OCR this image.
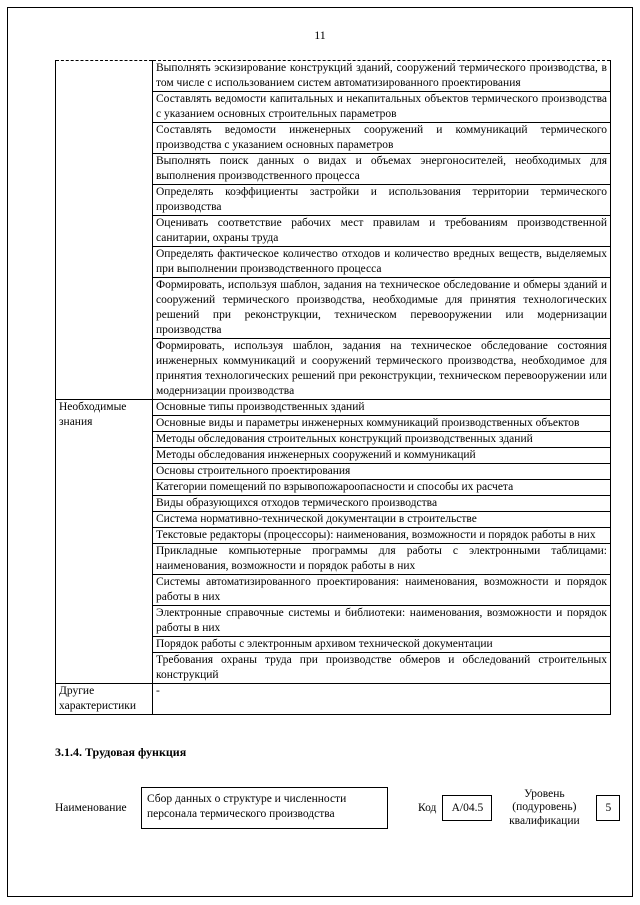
11
	Выполнять эскизирование конструкций зданий, сооружений термического производства, в том числе с использованием систем автоматизированного проектирования
	Составлять ведомости капитальных и некапитальных объектов термического производства с указанием основных строительных параметров
	Составлять ведомости инженерных сооружений и коммуникаций термического производства с указанием основных параметров
	Выполнять поиск данных о видах и объемах энергоносителей, необходимых для выполнения производственного процесса
	Определять коэффициенты застройки и использования территории термического производства
	Оценивать соответствие рабочих мест правилам и требованиям производственной санитарии, охраны труда
	Определять фактическое количество отходов и количество вредных веществ, выделяемых при выполнении производственного процесса
	Формировать, используя шаблон, задания на техническое обследование и обмеры зданий и сооружений термического производства, необходимые для принятия технологических решений при реконструкции, техническом перевооружении или модернизации производства
	Формировать, используя шаблон, задания на техническое обследование состояния инженерных коммуникаций и сооружений термического производства, необходимое для принятия технологических решений при реконструкции, техническом перевооружении или модернизации производства
Необходимые знания	Основные типы производственных зданий
	Основные виды и параметры инженерных коммуникаций производственных объектов
	Методы обследования строительных конструкций производственных зданий
	Методы обследования инженерных сооружений и коммуникаций
	Основы строительного проектирования
	Категории помещений по взрывопожароопасности и способы их расчета
	Виды образующихся отходов термического производства
	Система нормативно-технической документации в строительстве
	Текстовые редакторы (процессоры): наименования, возможности и порядок работы в них
	Прикладные компьютерные программы для работы с электронными таблицами: наименования, возможности и порядок работы в них
	Системы автоматизированного проектирования: наименования, возможности и порядок работы в них
	Электронные справочные системы и библиотеки: наименования, возможности и порядок работы в них
	Порядок работы с электронным архивом технической документации
	Требования охраны труда при производстве обмеров и обследований строительных конструкций
Другие характеристики	-
3.1.4. Трудовая функция
Наименование
Сбор данных о структуре и численности персонала термического производства
Код	А/04.5
Уровень (подуровень) квалификации
5
